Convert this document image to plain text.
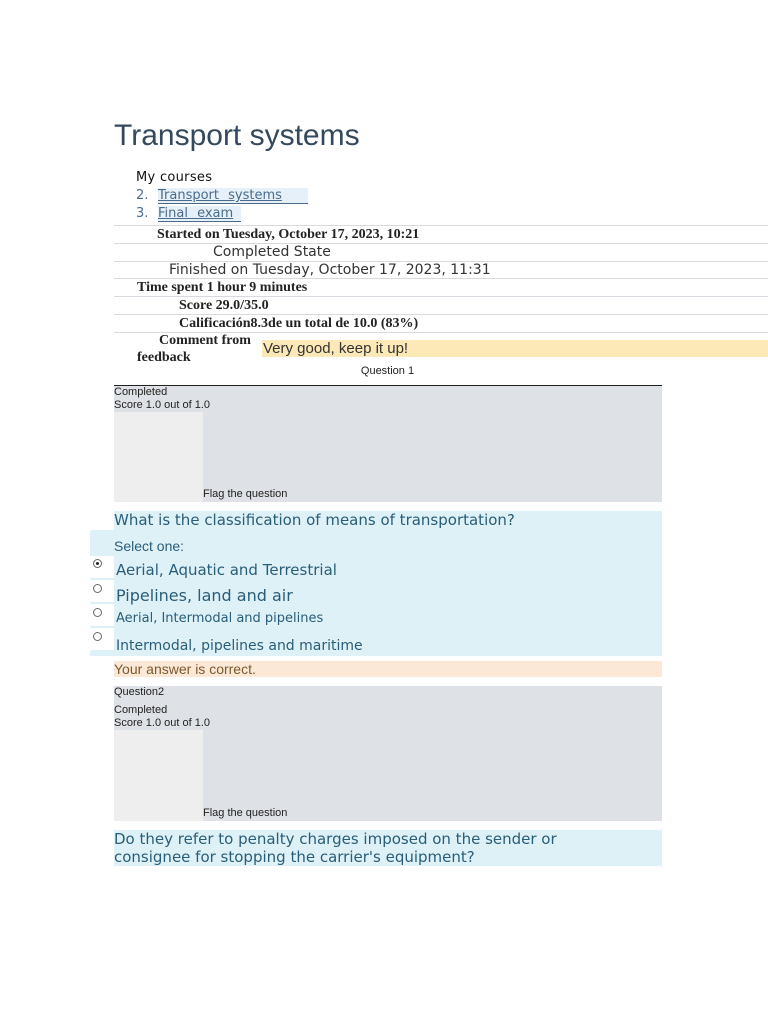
Transport systems
My courses
2. Transport systems
3. Final exam
Started on Tuesday, October 17, 2023, 10:21
Completed State
Finished on Tuesday, October 17, 2023, 11:31
Time spent 1 hour 9 minutes
Score 29.0/35.0
Calificación8.3de un total de 10.0 (83%)
Comment from
feedback
Very good, keep it up!
Question 1
Completed
Score 1.0 out of 1.0
Flag the question
What is the classification of means of transportation?
Select one:
Aerial, Aquatic and Terrestrial
Pipelines, land and air
Aerial, Intermodal and pipelines
Intermodal, pipelines and maritime
Your answer is correct.
Question2
Completed
Score 1.0 out of 1.0
Flag the question
Do they refer to penalty charges imposed on the sender or
consignee for stopping the carrier's equipment?
